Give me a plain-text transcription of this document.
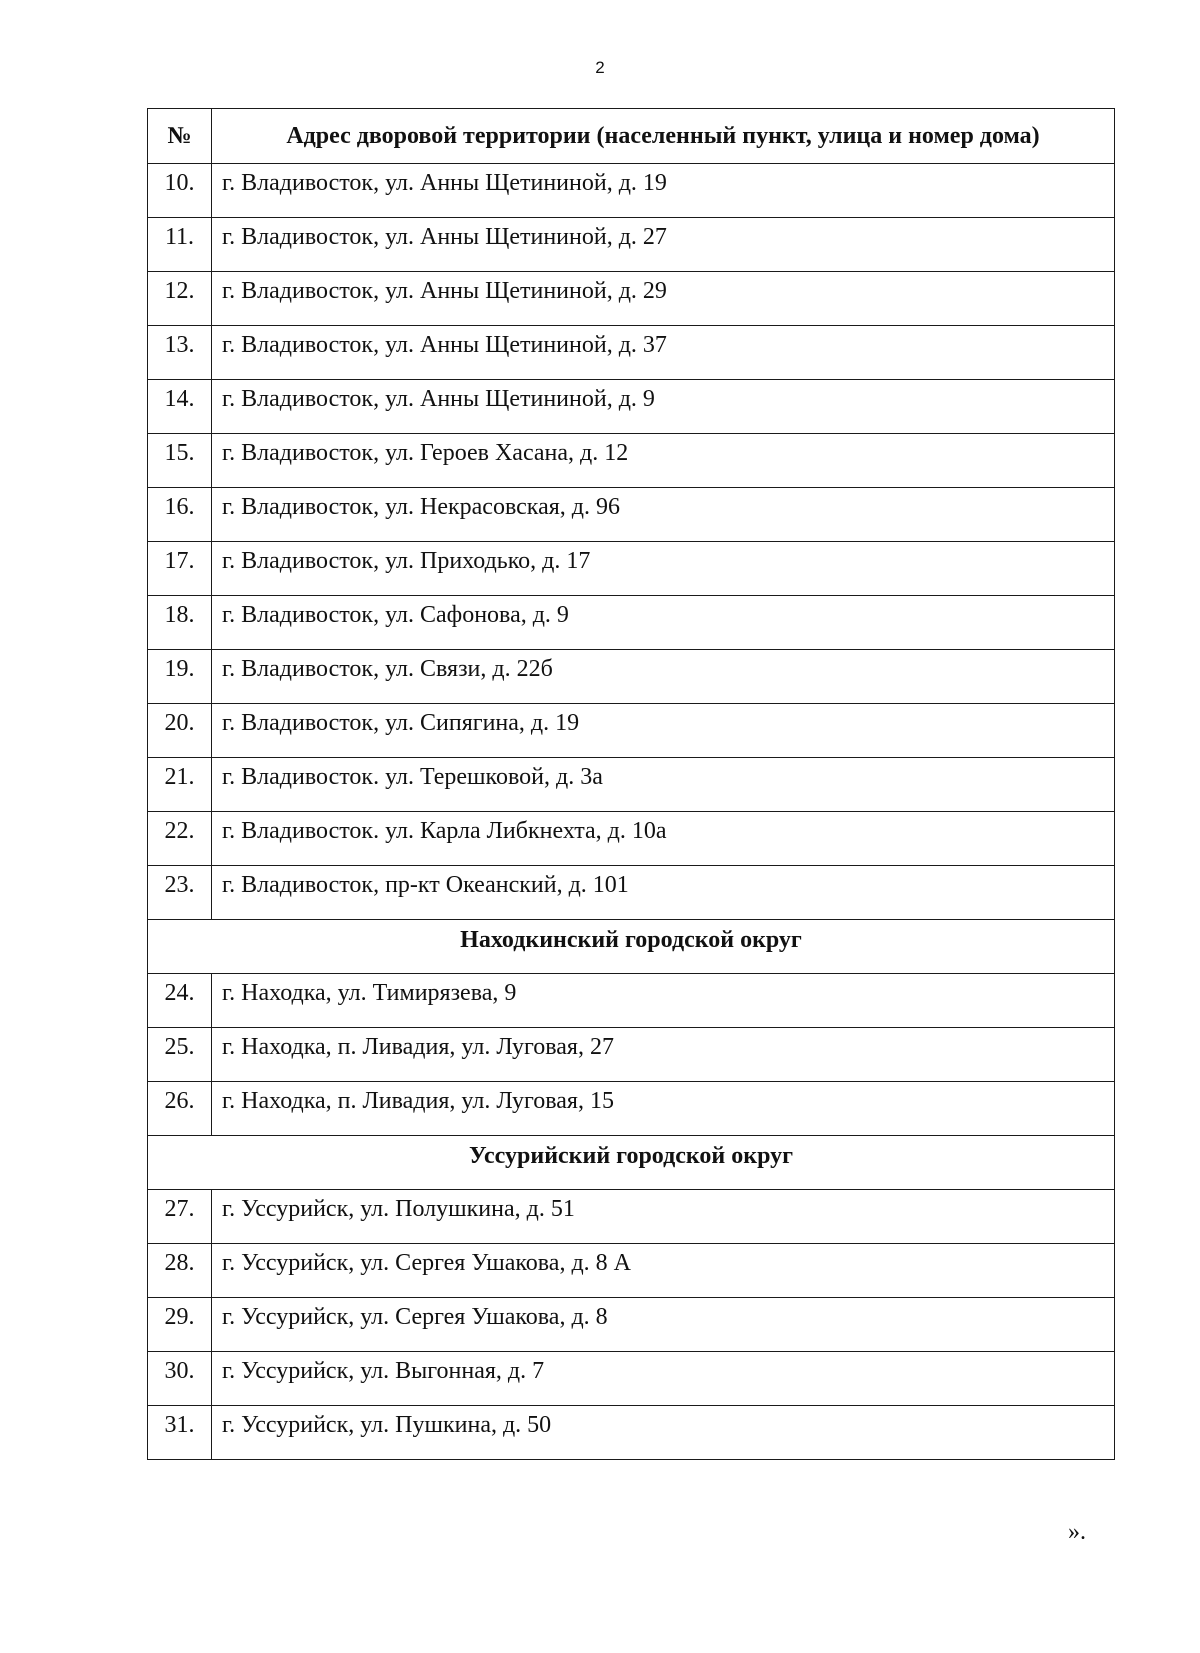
2
№	Адрес дворовой территории (населенный пункт, улица и номер дома)
10.	г. Владивосток, ул. Анны Щетининой, д. 19
11.	г. Владивосток, ул. Анны Щетининой, д. 27
12.	г. Владивосток, ул. Анны Щетининой, д. 29
13.	г. Владивосток, ул. Анны Щетининой, д. 37
14.	г. Владивосток, ул. Анны Щетининой, д. 9
15.	г. Владивосток, ул. Героев Хасана, д. 12
16.	г. Владивосток, ул. Некрасовская, д. 96
17.	г. Владивосток, ул. Приходько, д. 17
18.	г. Владивосток, ул. Сафонова, д. 9
19.	г. Владивосток, ул. Связи, д. 22б
20.	г. Владивосток, ул. Сипягина, д. 19
21.	г. Владивосток. ул. Терешковой, д. 3а
22.	г. Владивосток. ул. Карла Либкнехта, д. 10а
23.	г. Владивосток, пр-кт Океанский, д. 101
Находкинский городской округ	
24.	г. Находка, ул. Тимирязева, 9
25.	г. Находка, п. Ливадия, ул. Луговая, 27
26.	г. Находка, п. Ливадия, ул. Луговая, 15
Уссурийский городской округ	
27.	г. Уссурийск, ул. Полушкина, д. 51
28.	г. Уссурийск, ул. Сергея Ушакова, д. 8 А
29.	г. Уссурийск, ул. Сергея Ушакова, д. 8
30.	г. Уссурийск, ул. Выгонная, д. 7
31.	г. Уссурийск, ул. Пушкина, д. 50
».
